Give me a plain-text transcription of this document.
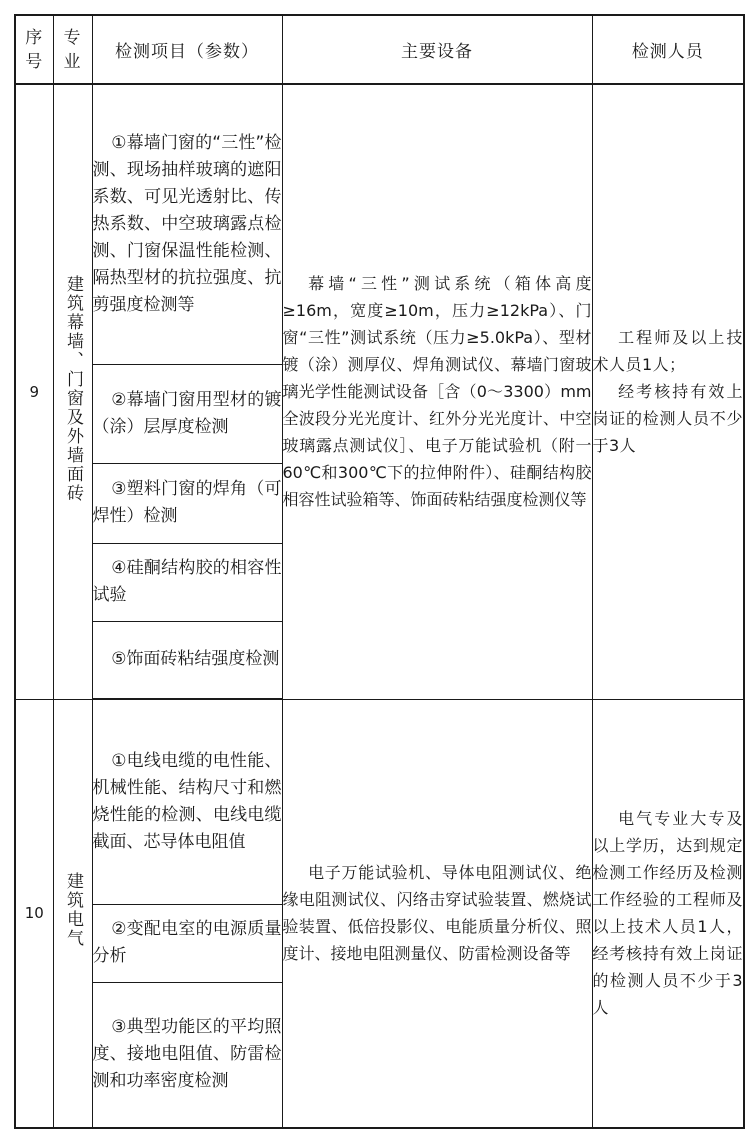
序号	专业	检测项目（参数）	主要设备	检测人员
9	建筑幕墙、门窗及外墙面砖	①幕墙门窗的“三性”检测、现场抽样玻璃的遮阳系数、可见光透射比、传热系数、中空玻璃露点检测、门窗保温性能检测、隔热型材的抗拉强度、抗剪强度检测等	幕墙“三性”测试系统（箱体高度≥16m，宽度≥10m，压力≥12kPa）、门窗“三性”测试系统（压力≥5.0kPa）、型材镀（涂）测厚仪、焊角测试仪、幕墙门窗玻璃光学性能测试设备［含（0～3300）mm全波段分光光度计、红外分光光度计、中空玻璃露点测试仪］、电子万能试验机（附一60℃和300℃下的拉伸附件）、硅酮结构胶相容性试验箱等、饰面砖粘结强度检测仪等	工程师及以上技术人员1人；
经考核持有效上岗证的检测人员不少于3人

		②幕墙门窗用型材的镀（涂）层厚度检测		

		③塑料门窗的焊角（可焊性）检测		

		④硅酮结构胶的相容性试验		

		⑤饰面砖粘结强度检测		

10	建筑电气	①电线电缆的电性能、机械性能、结构尺寸和燃烧性能的检测、电线电缆截面、芯导体电阻值	电子万能试验机、导体电阻测试仪、绝缘电阻测试仪、闪络击穿试验装置、燃烧试验装置、低倍投影仪、电能质量分析仪、照度计、接地电阻测量仪、防雷检测设备等	电气专业大专及以上学历，达到规定检测工作经历及检测工作经验的工程师及以上技术人员1人，经考核持有效上岗证的检测人员不少于3人

		②变配电室的电源质量分析		

		③典型功能区的平均照度、接地电阻值、防雷检测和功率密度检测		
